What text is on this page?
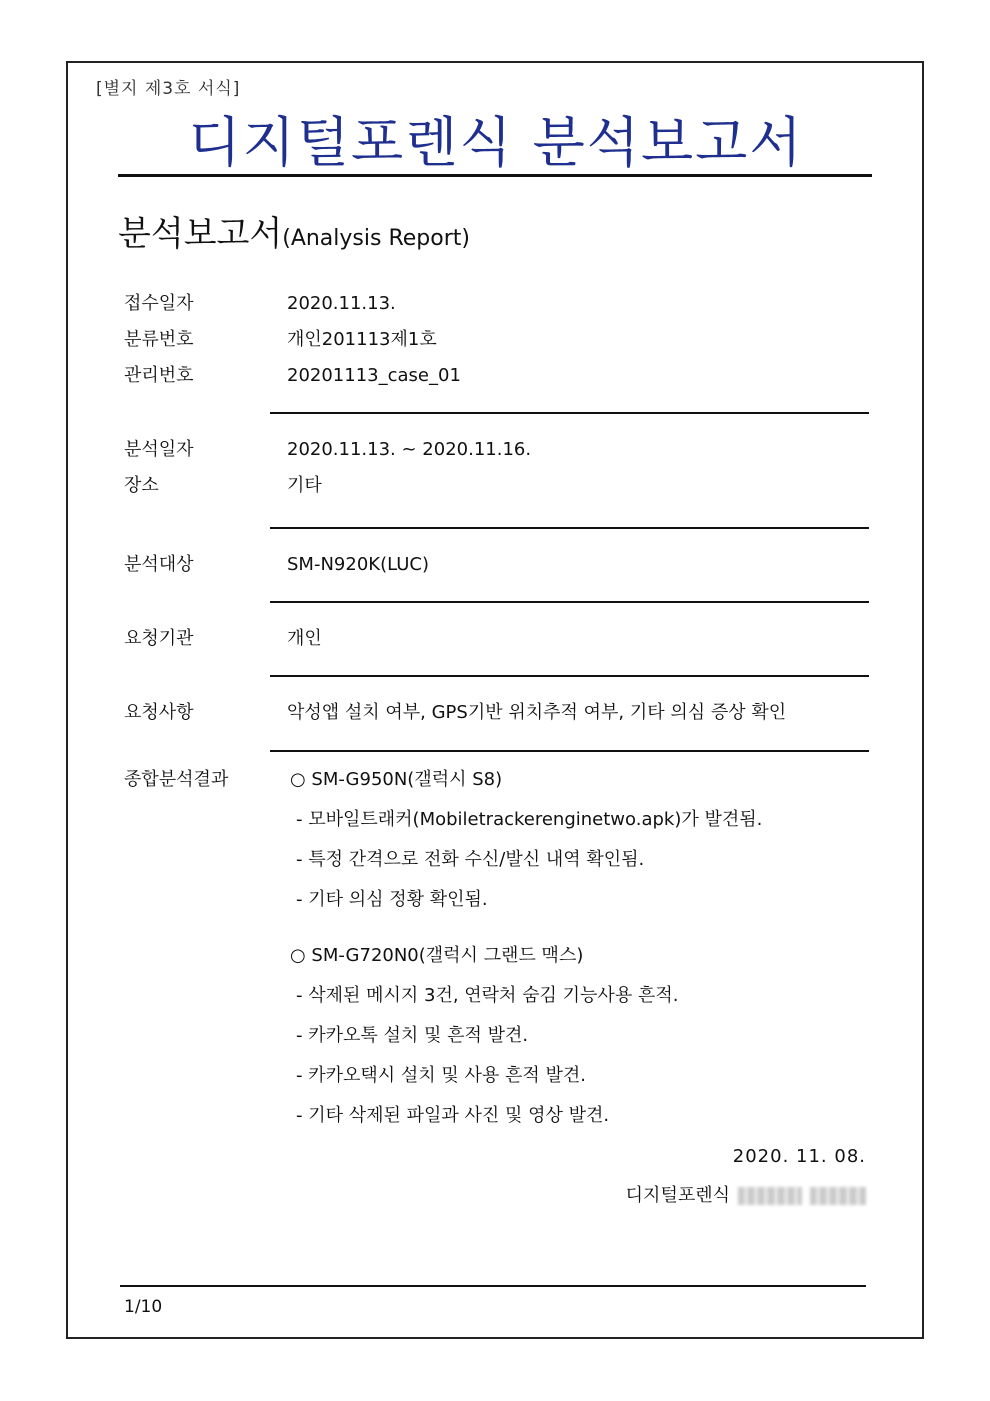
[별지 제3호 서식]
디지털포렌식 분석보고서
분석보고서(Analysis Report)
접수일자	2020.11.13.
분류번호	개인201113제1호
관리번호	20201113_case_01
분석일자	2020.11.13. ~ 2020.11.16.
장소	기타
분석대상	SM-N920K(LUC)
요청기관	개인
요청사항	악성앱 설치 여부, GPS기반 위치추적 여부, 기타 의심 증상 확인
종합분석결과	○ SM-G950N(갤럭시 S8)
- 모바일트래커(Mobiletrackerenginetwo.apk)가 발견됨.
- 특정 간격으로 전화 수신/발신 내역 확인됨.
- 기타 의심 정황 확인됨.
○ SM-G720N0(갤럭시 그랜드 맥스)
- 삭제된 메시지 3건, 연락처 숨김 기능사용 흔적.
- 카카오톡 설치 및 흔적 발견.
- 카카오택시 설치 및 사용 흔적 발견.
- 기타 삭제된 파일과 사진 및 영상 발견.
2020. 11. 08.
디지털포렌식
1/10
